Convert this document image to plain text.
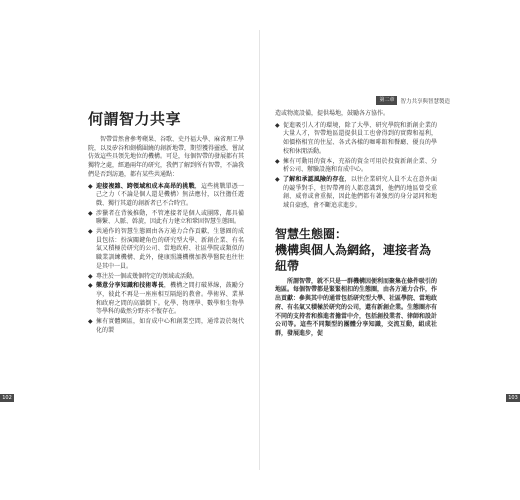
第二章	智力共享與智慧製造
102	103
何謂智力共享

智帶當然會參考蘋果、谷歌、史丹福大學、麻省理工學院，以及矽谷和劍橋圍繞的創新地帶，期望獲得靈感，嘗試仿效這些具領先地位的機構。可是，每個智帶的發展都有其獨特之處，經過兩年的研究，我們了解到所有智帶，不論我們是否到訪過，都有某些共通點：

◆ 迎接複雜、跨領域和成本高昂的挑戰，這些挑戰單憑一己之力（不論是個人還是機構）無法應付，以往擔任遊戲、獨行其道的創新者已不合時宜。
◆ 涉獵者在背後推動，不管連接者是個人或團隊，都具備聯繫、人脈、斡旋，因此有力建立和鞏固智慧生態圈。
◆ 共通作的智慧生態圈由各方通力合作貢獻，生態圈的成員包括：扮演關鍵角色的研究型大學、新創企業、有名氣又積極於研究的公司、當地政府、社區學院或類似的職業訓練機構、此外，健康照護機構加教學醫院也往往是其中一員。
◆ 專注於一個或幾個特定的領域或活動。
◆ 樂意分享知識和技術專長，機構之間打破界線，鼓勵分享，彼此不再是一座座相互隔絕的教會。學術界、業界和政府之間的高牆倒下。化學、物理學、數學和生物學等學科的截然分野亦不復存在。
◆ 擁有實體園區，如育成中心和創業空間，通常設於現代化的製

造或物流設備，提供場地，鼓勵各方協作。

◆ 促進吸引人才的環境，除了大學、研究學院和新創企業的大量人才，智帶地區還提供員工也會得到的實際和福利，如價格相宜的住屋、各式各樣的咖啡館和餐廳、優良的學校和休閒活動。
◆ 擁有可動用的資本，充裕的資金可用於投資新創企業、分析公司、辦驗設施和育成中心。
◆ 了解和承認風險的存在，以往企業研究人員不太在意外面的競爭對手，但智帶裡的人都意識到，他們的地區曾受重創、威脅或會重振，因此他們都有著強烈的身分認同和地域自豪感，會不斷追求進步。
智慧生態圈：
機構與個人為網絡，連接者為紐帶

所謂智帶，就不只是一群機構因便利而聚集在條件吸引的地區。每個智帶都是緊緊相扣的生態圈，由各方通力合作，作出貢獻：參與其中的通常包括研究型大學、社區學院、當地政府、有名氣又積極於研究的公司，還有新創企業。生態圈亦有不同的支持者和推進者擔當中介，包括創投業者、律師和設計公司等。這些不同類型的團體分享知識，交流互動，組成社群，發展進步，促
